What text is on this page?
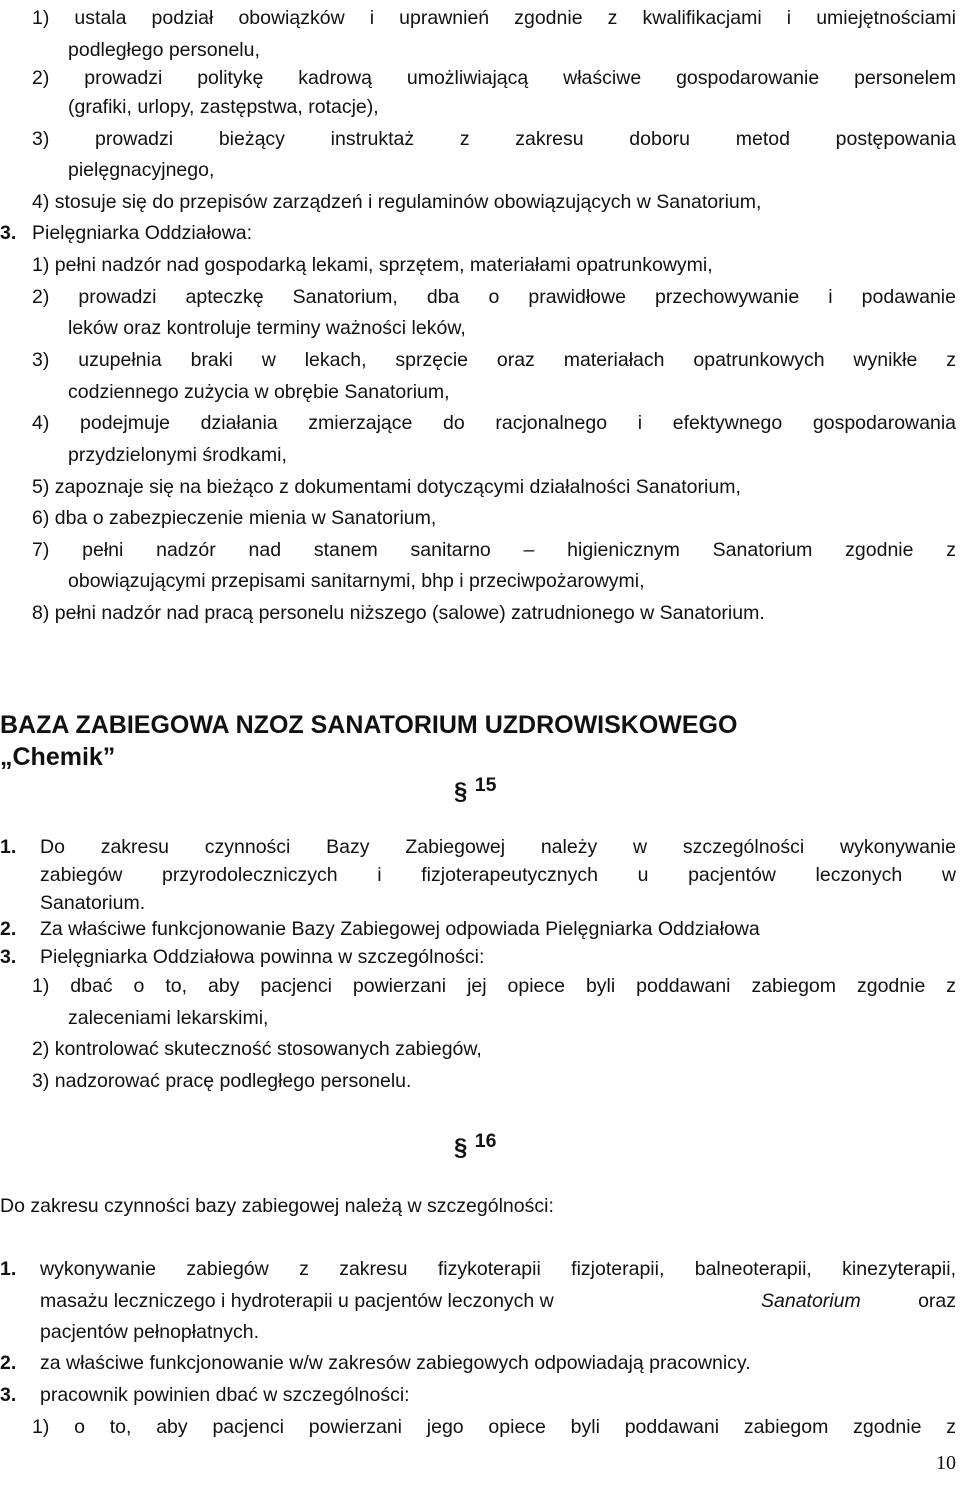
1) ustala podział obowiązków i uprawnień zgodnie z kwalifikacjami i umiejętnościami
podległego personelu,
2) prowadzi politykę kadrową umożliwiającą właściwe gospodarowanie personelem
(grafiki, urlopy, zastępstwa, rotacje),
3) prowadzi bieżący instruktaż z zakresu doboru metod postępowania
pielęgnacyjnego,
4) stosuje się do przepisów zarządzeń i regulaminów obowiązujących w Sanatorium,
3. Pielęgniarka Oddziałowa:
1) pełni nadzór nad gospodarką lekami, sprzętem, materiałami opatrunkowymi,
2) prowadzi apteczkę Sanatorium, dba o prawidłowe przechowywanie i podawanie
leków oraz kontroluje terminy ważności leków,
3) uzupełnia braki w lekach, sprzęcie oraz materiałach opatrunkowych wynikłe z
codziennego zużycia w obrębie Sanatorium,
4) podejmuje działania zmierzające do racjonalnego i efektywnego gospodarowania
przydzielonymi środkami,
5) zapoznaje się na bieżąco z dokumentami dotyczącymi działalności Sanatorium,
6) dba o zabezpieczenie mienia w Sanatorium,
7) pełni nadzór nad stanem sanitarno – higienicznym Sanatorium zgodnie z
obowiązującymi przepisami sanitarnymi, bhp i przeciwpożarowymi,
8) pełni nadzór nad pracą personelu niższego (salowe) zatrudnionego w Sanatorium.
BAZA ZABIEGOWA NZOZ SANATORIUM UZDROWISKOWEGO
„Chemik”
§ 15
1. Do zakresu czynności Bazy Zabiegowej należy w szczególności wykonywanie
zabiegów przyrodoleczniczych i fizjoterapeutycznych u pacjentów leczonych w
Sanatorium.
2. Za właściwe funkcjonowanie Bazy Zabiegowej odpowiada Pielęgniarka Oddziałowa
3. Pielęgniarka Oddziałowa powinna w szczególności:
1) dbać o to, aby pacjenci powierzani jej opiece byli poddawani zabiegom zgodnie z
zaleceniami lekarskimi,
2) kontrolować skuteczność stosowanych zabiegów,
3) nadzorować pracę podległego personelu.
§ 16
Do zakresu czynności bazy zabiegowej należą w szczególności:
1. wykonywanie zabiegów z zakresu fizykoterapii fizjoterapii, balneoterapii, kinezyterapii,
masażu leczniczego i hydroterapii u pacjentów leczonych w	Sanatorium	oraz
pacjentów pełnopłatnych.
2. za właściwe funkcjonowanie w/w zakresów zabiegowych odpowiadają pracownicy.
3. pracownik powinien dbać w szczególności:
1) o to, aby pacjenci powierzani jego opiece byli poddawani zabiegom zgodnie z
10
